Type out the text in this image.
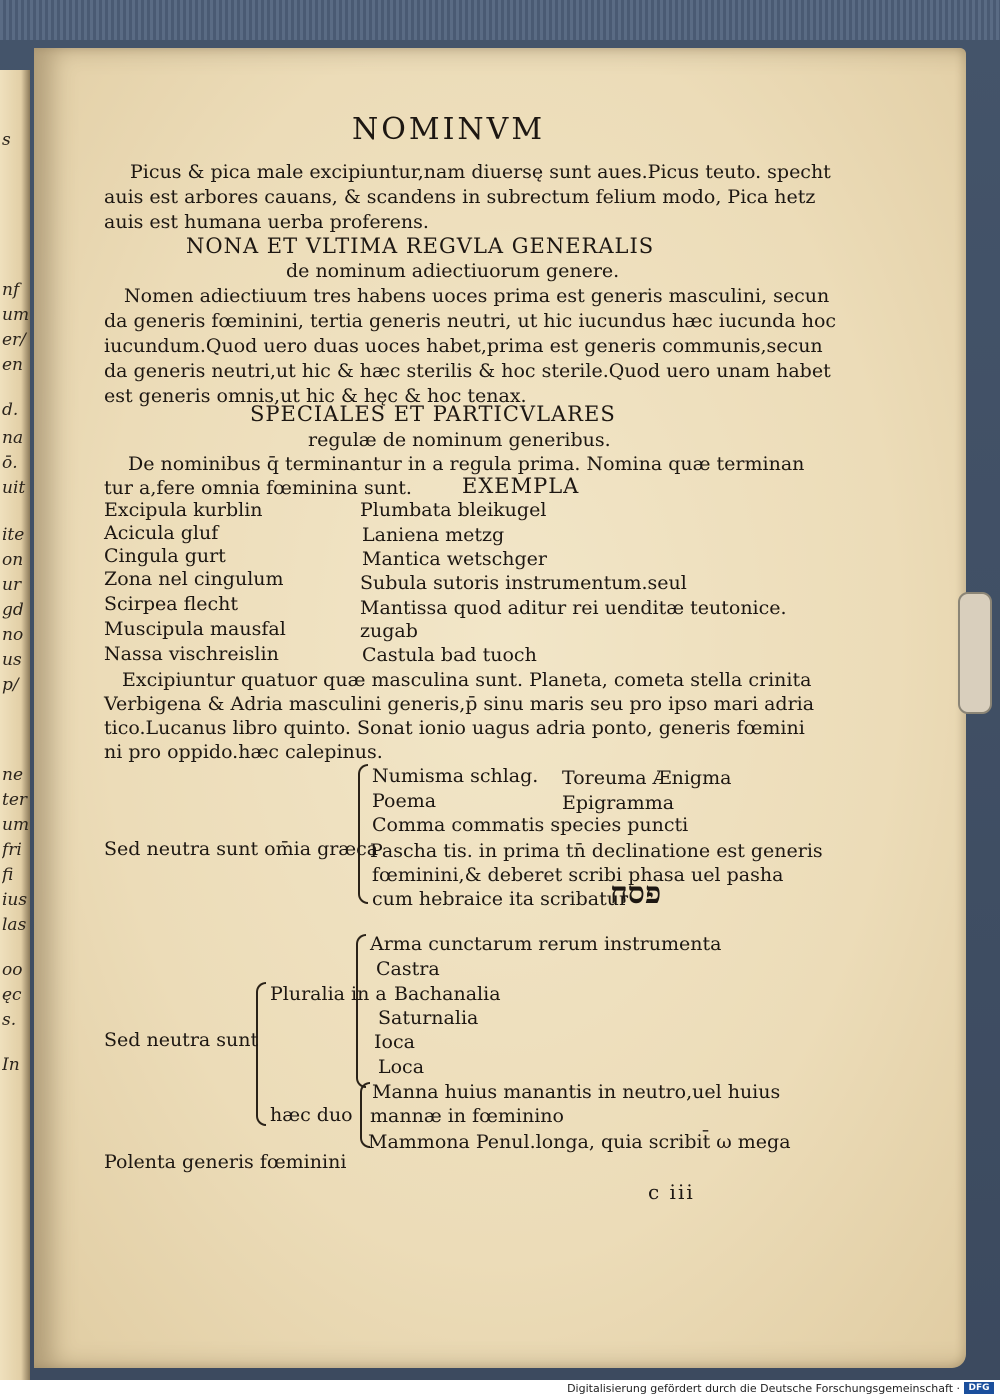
s
nf
um
er/
en
d.
na
ō.
uit
ite
on
ur
gd
no
us
p/
ne
ter
um
fri
fi
ius
las
oo
ęc
s.
In
NOMINVM
Picus & pica male excipiuntur,nam diuersę sunt aues.Picus teuto. specht
auis est arbores cauans, & scandens in subrectum felium modo, Pica hetz
auis est humana uerba proferens.
NONA ET VLTIMA REGVLA GENERALIS
de nominum adiectiuorum genere.
Nomen adiectiuum tres habens uoces prima est generis masculini, secun
da generis fœminini, tertia generis neutri, ut hic iucundus hæc iucunda hoc
iucundum.Quod uero duas uoces habet,prima est generis communis,secun
da generis neutri,ut hic & hæc sterilis & hoc sterile.Quod uero unam habet
est generis omnis,ut hic & hęc & hoc tenax.
SPECIALES ET PARTICVLARES
regulæ de nominum generibus.
De nominibus q̄ terminantur in a regula prima. Nomina quæ terminan
tur a,fere omnia fœminina sunt. EXEMPLA
Excipula kurblin
Acicula gluf
Cingula gurt
Zona nel cingulum
Scirpea flecht
Muscipula mausfal
Nassa vischreislin
Plumbata bleikugel
Laniena metzg
Mantica wetschger
Subula sutoris instrumentum.seul
Mantissa quod aditur rei uenditæ teutonice.
zugab
Castula bad tuoch
Excipiuntur quatuor quæ masculina sunt. Planeta, cometa stella crinita
Verbigena & Adria masculini generis,p̄ sinu maris seu pro ipso mari adria
tico.Lucanus libro quinto. Sonat ionio uagus adria ponto, generis fœmini
ni pro oppido.hæc calepinus.
Numisma schlag. Toreuma Ænigma
Poema	Epigramma
Comma commatis species puncti
Sed neutra sunt om̄ia græca
Pascha tis. in prima tn̄ declinatione est generis
fœminini,& deberet scribi phasa uel pasha
cum hebraice ita scribatur
פסח
Arma cunctarum rerum instrumenta
Castra
Pluralia in a Bachanalia
Saturnalia
Sed neutra sunt	Ioca
Loca
Manna huius manantis in neutro,uel huius
hæc duo mannæ in fœminino
Mammona Penul.longa, quia scribit̄ ω mega
Polenta generis fœminini
c iii
Digitalisierung gefördert durch die Deutsche Forschungsgemeinschaft · DFG
